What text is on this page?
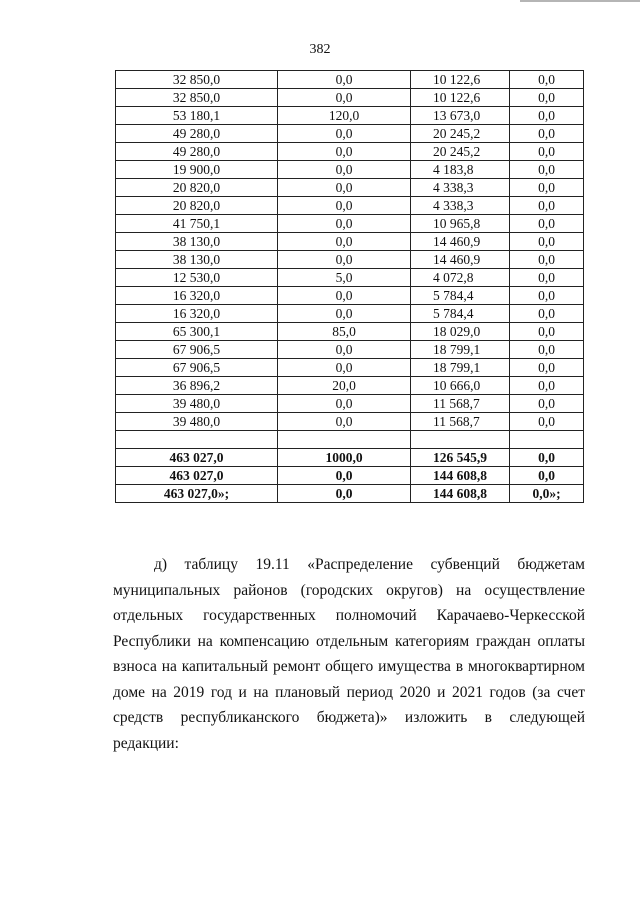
382
32 850,0	0,0	10 122,6	0,0
32 850,0	0,0	10 122,6	0,0
53 180,1	120,0	13 673,0	0,0
49 280,0	0,0	20 245,2	0,0
49 280,0	0,0	20 245,2	0,0
19 900,0	0,0	4 183,8	0,0
20 820,0	0,0	4 338,3	0,0
20 820,0	0,0	4 338,3	0,0
41 750,1	0,0	10 965,8	0,0
38 130,0	0,0	14 460,9	0,0
38 130,0	0,0	14 460,9	0,0
12 530,0	5,0	4 072,8	0,0
16 320,0	0,0	5 784,4	0,0
16 320,0	0,0	5 784,4	0,0
65 300,1	85,0	18 029,0	0,0
67 906,5	0,0	18 799,1	0,0
67 906,5	0,0	18 799,1	0,0
36 896,2	20,0	10 666,0	0,0
39 480,0	0,0	11 568,7	0,0
39 480,0	0,0	11 568,7	0,0

463 027,0	1000,0	126 545,9	0,0
463 027,0	0,0	144 608,8	0,0
463 027,0»;	0,0	144 608,8	0,0»;

д) таблицу 19.11 «Распределение субвенций бюджетам муниципальных районов (городских округов) на осуществление отдельных государственных полномочий Карачаево-Черкесской Республики на компенсацию отдельным категориям граждан оплаты взноса на капитальный ремонт общего имущества в многоквартирном доме на 2019 год и на плановый период 2020 и 2021 годов (за счет средств республиканского бюджета)» изложить в следующей редакции:
